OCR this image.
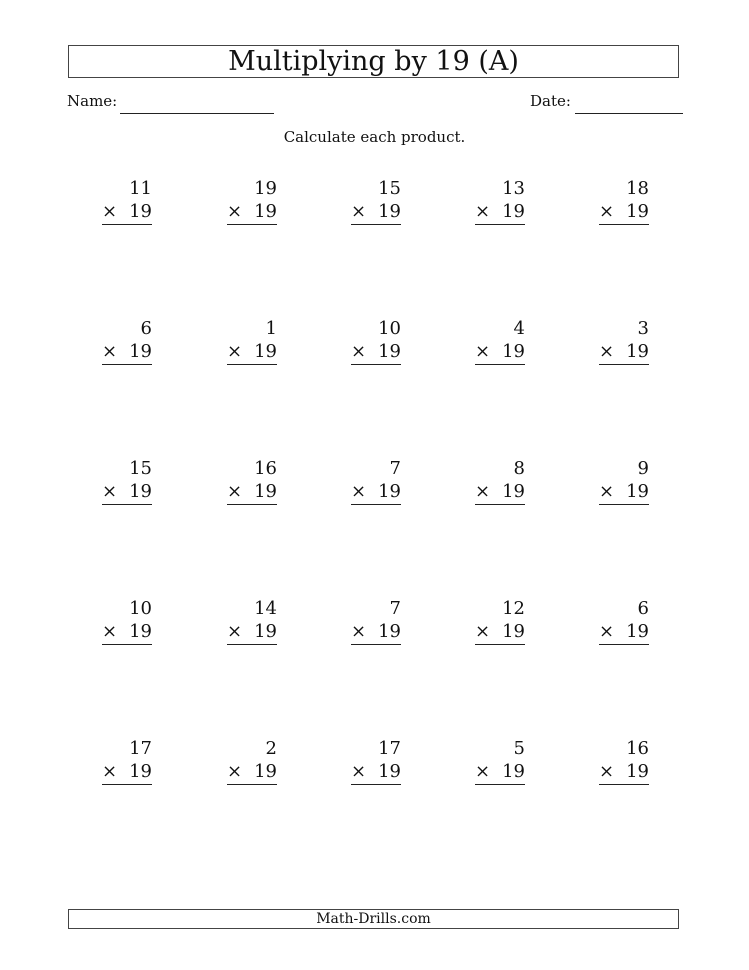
Multiplying by 19 (A)
Name:	Date:
Calculate each product.
11
× 19
19
× 19
15
× 19
13
× 19
18
× 19
6
× 19
1
× 19
10
× 19
4
× 19
3
× 19
15
× 19
16
× 19
7
× 19
8
× 19
9
× 19
10
× 19
14
× 19
7
× 19
12
× 19
6
× 19
17
× 19
2
× 19
17
× 19
5
× 19
16
× 19
Math-Drills.com
